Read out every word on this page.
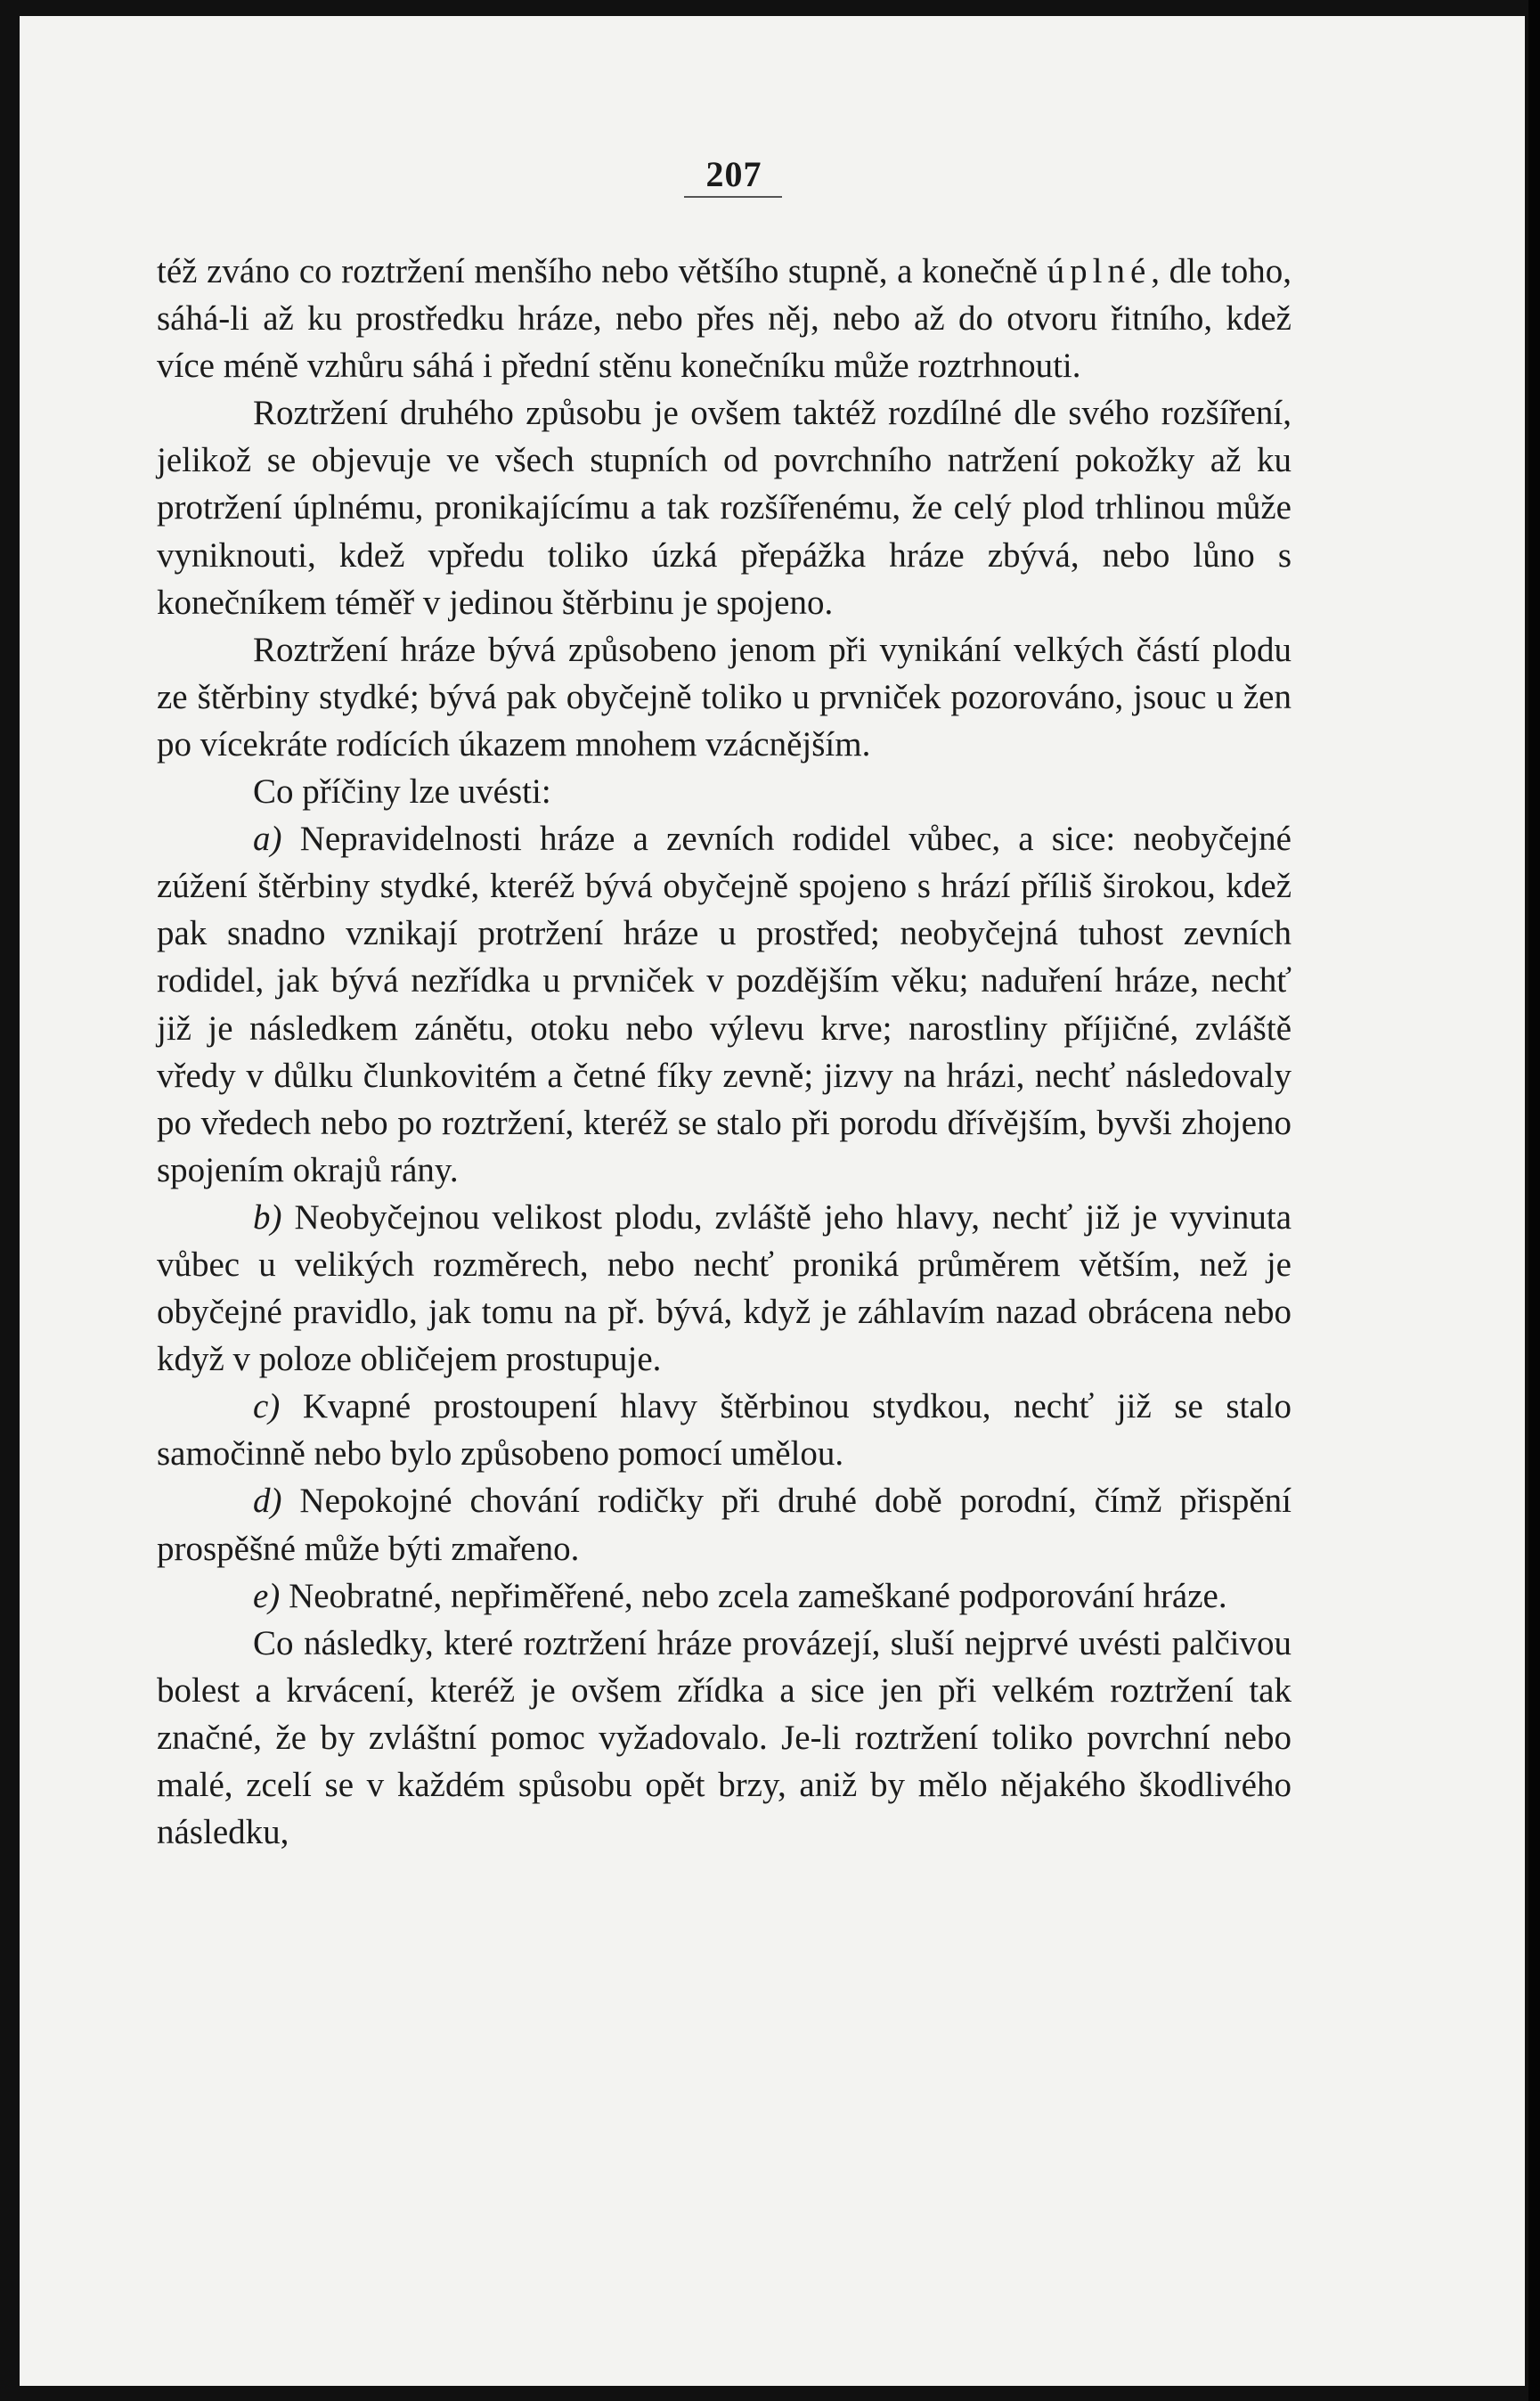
207

též zváno co roztržení menšího nebo většího stupně, a konečně úplné, dle toho, sáhá-li až ku prostředku hráze, nebo přes něj, nebo až do otvoru řitního, kdež více méně vzhůru sáhá i přední stěnu konečníku může roztrhnouti.

Roztržení druhého způsobu je ovšem taktéž rozdílné dle svého rozšíření, jelikož se objevuje ve všech stupních od povrchního natržení pokožky až ku protržení úplnému, pronikajícímu a tak rozšířenému, že celý plod trhlinou může vyniknouti, kdež vpředu toliko úzká přepážka hráze zbývá, nebo lůno s konečníkem téměř v jedinou štěrbinu je spojeno.

Roztržení hráze bývá způsobeno jenom při vynikání velkých částí plodu ze štěrbiny stydké; bývá pak obyčejně toliko u prvniček pozorováno, jsouc u žen po vícekráte rodících úkazem mnohem vzácnějším.

Co příčiny lze uvésti:

a) Nepravidelnosti hráze a zevních rodidel vůbec, a sice: neobyčejné zúžení štěrbiny stydké, kteréž bývá obyčejně spojeno s hrází příliš širokou, kdež pak snadno vznikají protržení hráze u prostřed; neobyčejná tuhost zevních rodidel, jak bývá nezřídka u prvniček v pozdějším věku; naduření hráze, nechť již je následkem zánětu, otoku nebo výlevu krve; narostliny příjičné, zvláště vředy v důlku člunkovitém a četné fíky zevně; jizvy na hrázi, nechť následovaly po vředech nebo po roztržení, kteréž se stalo při porodu dřívějším, byvši zhojeno spojením okrajů rány.

b) Neobyčejnou velikost plodu, zvláště jeho hlavy, nechť již je vyvinuta vůbec u velikých rozměrech, nebo nechť proniká průměrem větším, než je obyčejné pravidlo, jak tomu na př. bývá, když je záhlavím nazad obrácena nebo když v poloze obličejem prostupuje.

c) Kvapné prostoupení hlavy štěrbinou stydkou, nechť již se stalo samočinně nebo bylo způsobeno pomocí umělou.

d) Nepokojné chování rodičky při druhé době porodní, čímž přispění prospěšné může býti zmařeno.

e) Neobratné, nepřiměřené, nebo zcela zameškané podporování hráze.

Co následky, které roztržení hráze provázejí, sluší nejprvé uvésti palčivou bolest a krvácení, kteréž je ovšem zřídka a sice jen při velkém roztržení tak značné, že by zvláštní pomoc vyžadovalo. Je-li roztržení toliko povrchní nebo malé, zcelí se v každém spůsobu opět brzy, aniž by mělo nějakého škodlivého následku,
